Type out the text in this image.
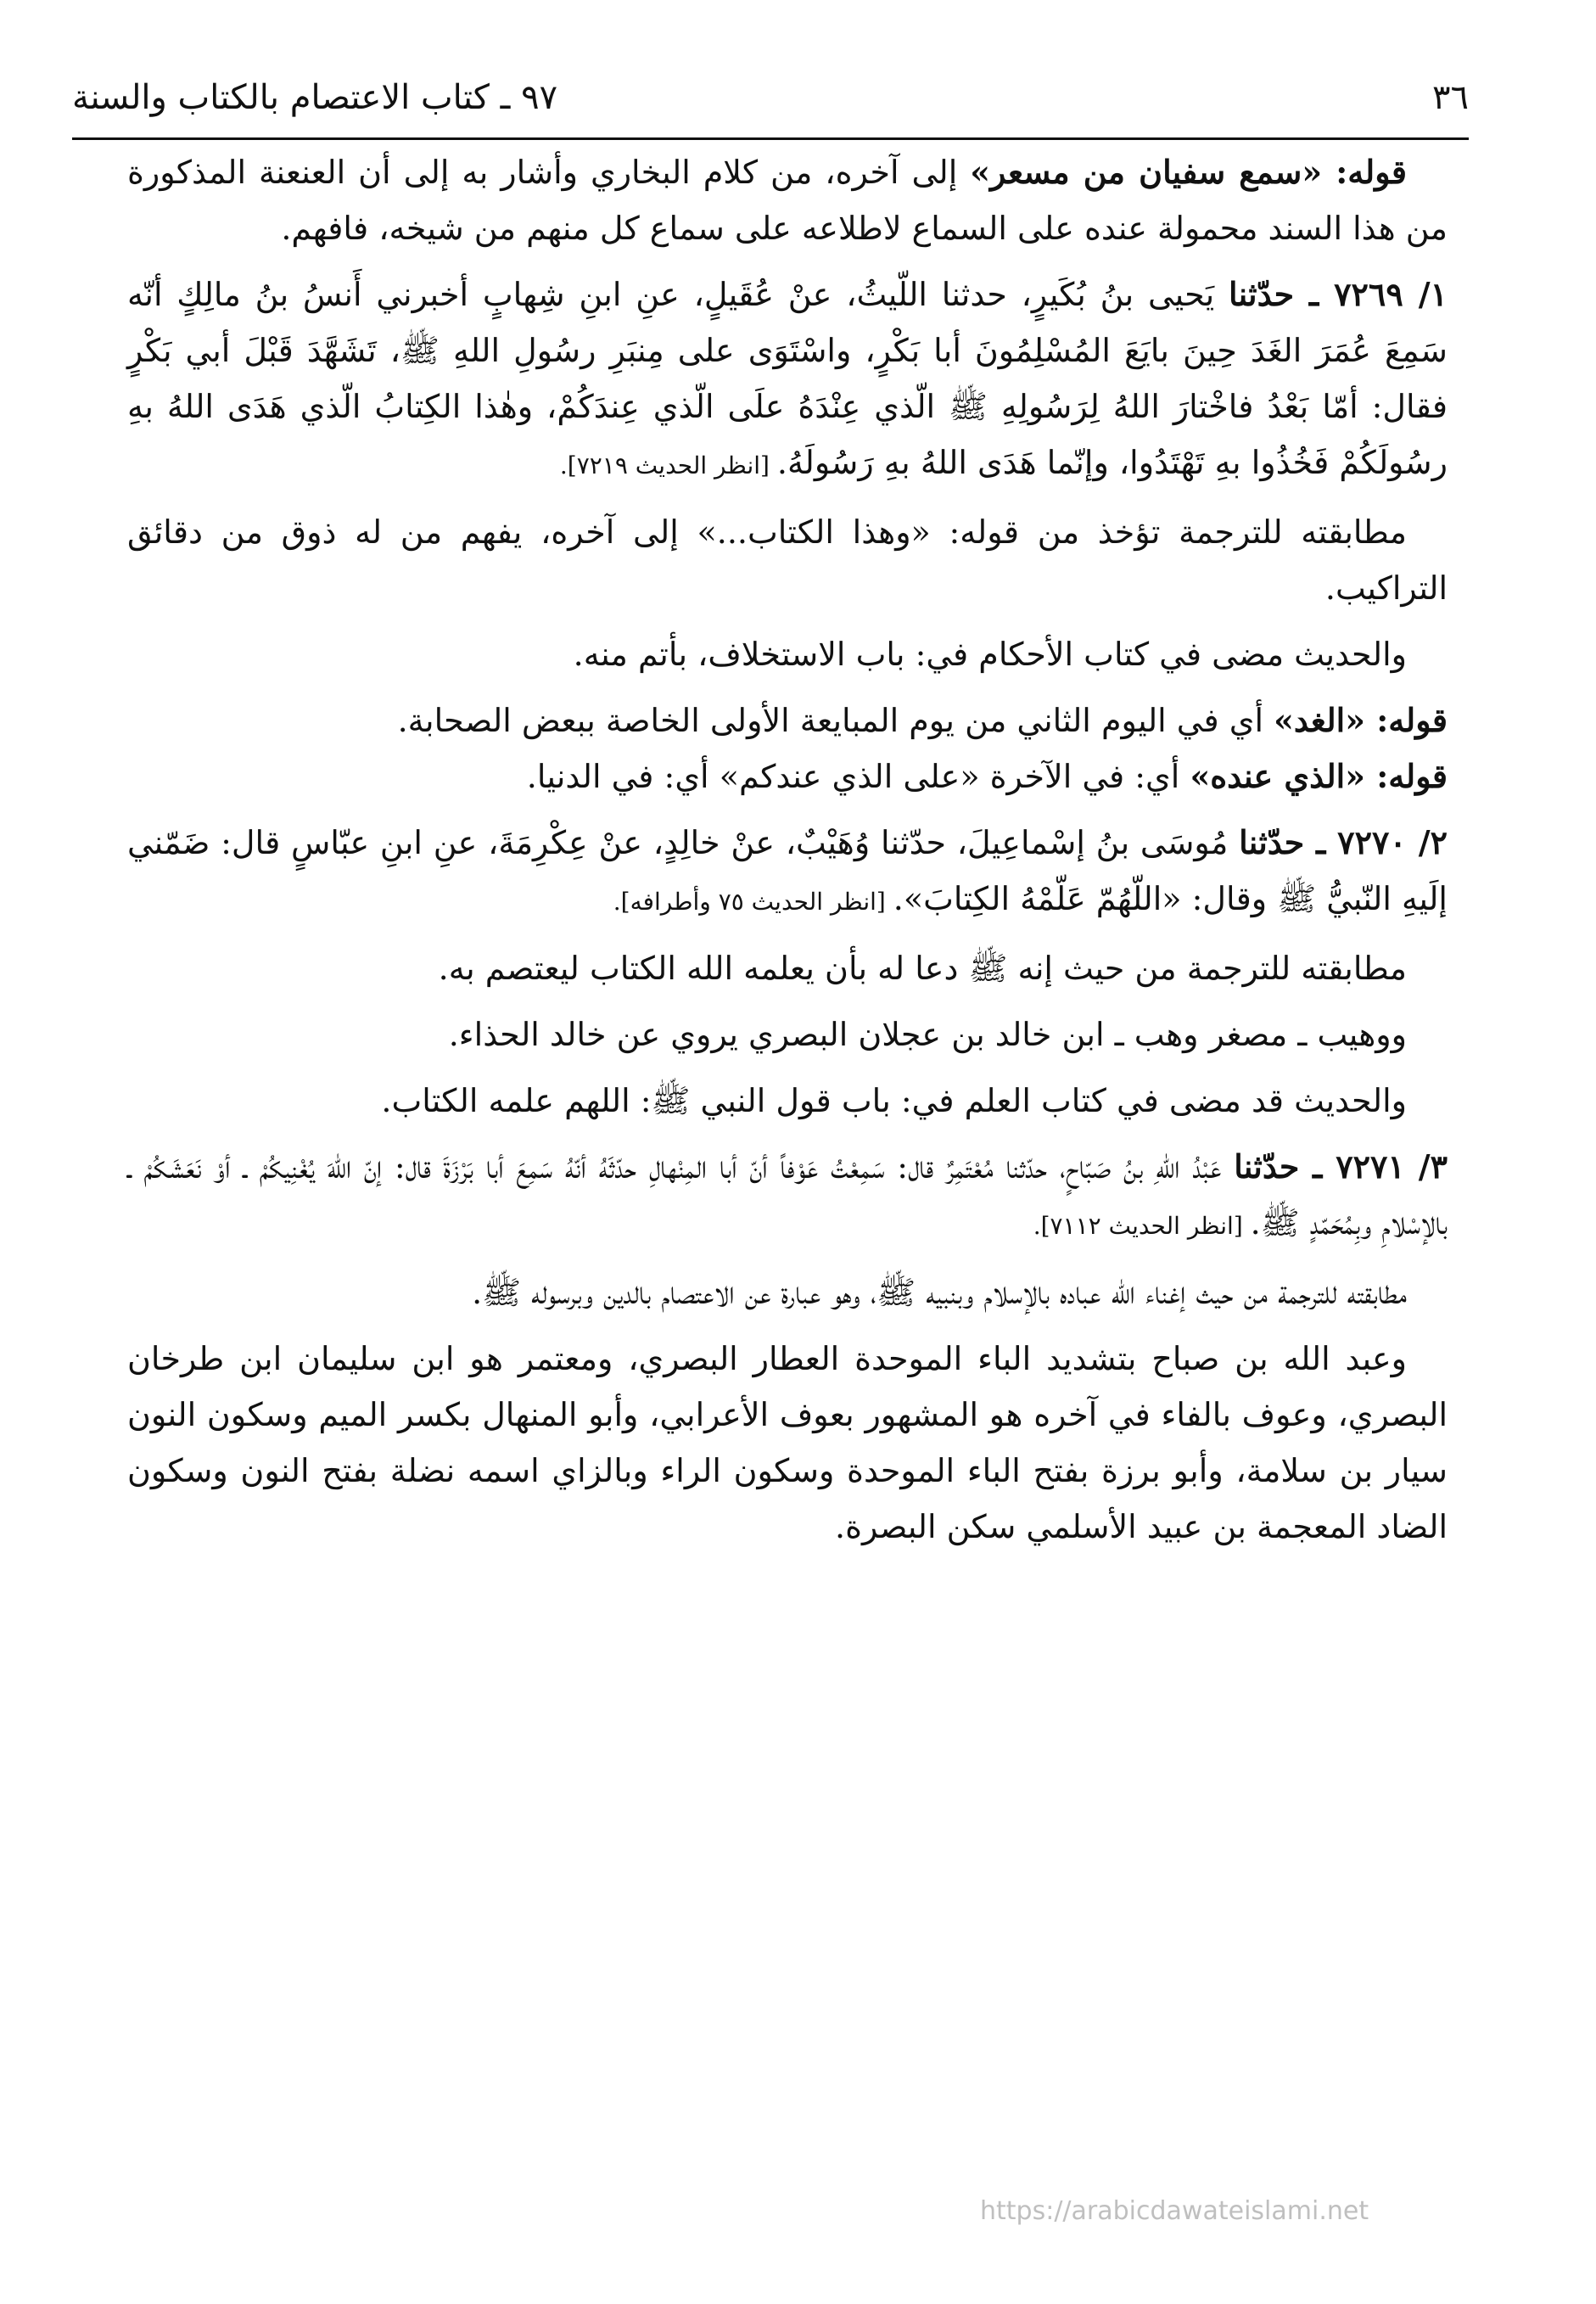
٣٦
٩٧ ـ كتاب الاعتصام بالكتاب والسنة

قوله: «سمع سفيان من مسعر» إلى آخره، من كلام البخاري وأشار به إلى أن العنعنة المذكورة من هذا السند محمولة عنده على السماع لاطلاعه على سماع كل منهم من شيخه، فافهم.

١/ ٧٢٦٩ ـ حدّثنا يَحيى بنُ بُكَيرٍ، حدثنا اللّيثُ، عنْ عُقَيلٍ، عنِ ابنِ شِهابٍ أخبرني أَنسُ بنُ مالِكٍ أنّه سَمِعَ عُمَرَ الغَدَ حِينَ بايَعَ المُسْلِمُونَ أبا بَكْرٍ، واسْتَوَى على مِنبَرِ رسُولِ اللهِ ﷺ، تَشَهَّدَ قَبْلَ أبي بَكْرٍ فقال: أمّا بَعْدُ فاخْتارَ اللهُ لِرَسُولِهِ ﷺ الّذي عِنْدَهُ علَى الّذي عِندَكُمْ، وهٰذا الكِتابُ الّذي هَدَى اللهُ بهِ رسُولَكُمْ فَخُذُوا بهِ تَهْتَدُوا، وإنّما هَدَى اللهُ بهِ رَسُولَهُ. [انظر الحديث ٧٢١٩].

مطابقته للترجمة تؤخذ من قوله: «وهذا الكتاب...» إلى آخره، يفهم من له ذوق من دقائق التراكيب.

والحديث مضى في كتاب الأحكام في: باب الاستخلاف، بأتم منه.

قوله: «الغد» أي في اليوم الثاني من يوم المبايعة الأولى الخاصة ببعض الصحابة.

قوله: «الذي عنده» أي: في الآخرة «على الذي عندكم» أي: في الدنيا.

٢/ ٧٢٧٠ ـ حدّثنا مُوسَى بنُ إسْماعِيلَ، حدّثنا وُهَيْبٌ، عنْ خالِدٍ، عنْ عِكْرِمَةَ، عنِ ابنِ عبّاسٍ قال: ضَمّني إلَيهِ النّبيُّ ﷺ وقال: «اللّهُمّ عَلّمْهُ الكِتابَ». [انظر الحديث ٧٥ وأطرافه].

مطابقته للترجمة من حيث إنه ﷺ دعا له بأن يعلمه الله الكتاب ليعتصم به.

ووهيب ـ مصغر وهب ـ ابن خالد بن عجلان البصري يروي عن خالد الحذاء.

والحديث قد مضى في كتاب العلم في: باب قول النبي ﷺ: اللهم علمه الكتاب.

٣/ ٧٢٧١ ـ حدّثنا عَبْدُ اللهِ بنُ صَبّاحٍ، حدّثنا مُعْتَمِرٌ قال: سَمِعْتُ عَوْفاً أنّ أبا المِنْهالِ حدّثَهُ أنّهُ سَمِعَ أبا بَرْزَةَ قال: إنّ اللهَ يُغْنِيكُمْ ـ أوْ نَعَشَكُمْ ـ بالإسْلامِ وبِمُحَمّدٍ ﷺ. [انظر الحديث ٧١١٢].

مطابقته للترجمة من حيث إغناء الله عباده بالإسلام وبنبيه ﷺ، وهو عبارة عن الاعتصام بالدين وبرسوله ﷺ.

وعبد الله بن صباح بتشديد الباء الموحدة العطار البصري، ومعتمر هو ابن سليمان ابن طرخان البصري، وعوف بالفاء في آخره هو المشهور بعوف الأعرابي، وأبو المنهال بكسر الميم وسكون النون سيار بن سلامة، وأبو برزة بفتح الباء الموحدة وسكون الراء وبالزاي اسمه نضلة بفتح النون وسكون الضاد المعجمة بن عبيد الأسلمي سكن البصرة.

https://arabicdawateislami.net
